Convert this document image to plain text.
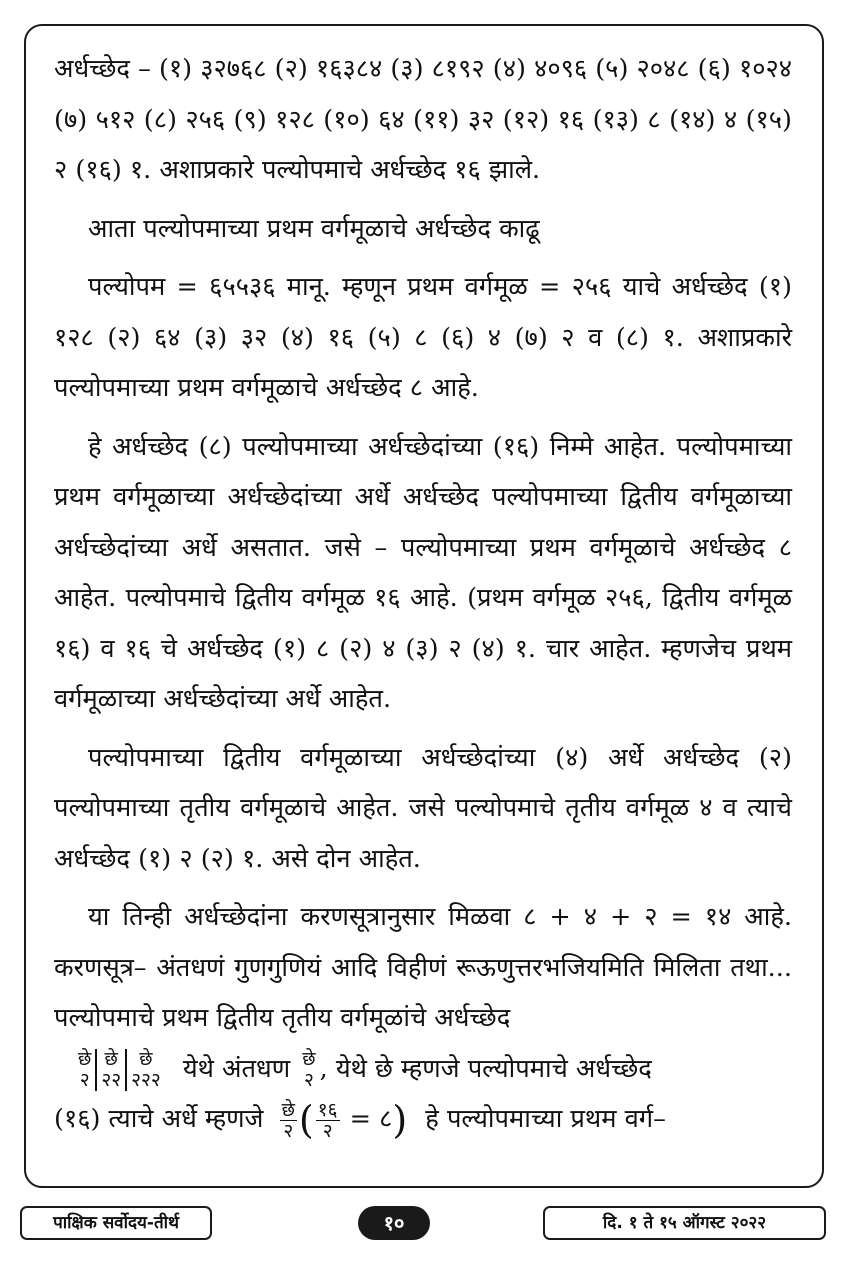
अर्धच्छेद – (१) ३२७६८ (२) १६३८४ (३) ८१९२ (४) ४०९६ (५) २०४८ (६) १०२४ (७) ५१२ (८) २५६ (९) १२८ (१०) ६४ (११) ३२ (१२) १६ (१३) ८ (१४) ४ (१५) २ (१६) १. अशाप्रकारे पल्योपमाचे अर्धच्छेद १६ झाले.

आता पल्योपमाच्या प्रथम वर्गमूळाचे अर्धच्छेद काढू

पल्योपम = ६५५३६ मानू. म्हणून प्रथम वर्गमूळ = २५६ याचे अर्धच्छेद (१) १२८ (२) ६४ (३) ३२ (४) १६ (५) ८ (६) ४ (७) २ व (८) १. अशाप्रकारे पल्योपमाच्या प्रथम वर्गमूळाचे अर्धच्छेद ८ आहे.

हे अर्धच्छेद (८) पल्योपमाच्या अर्धच्छेदांच्या (१६) निम्मे आहेत. पल्योपमाच्या प्रथम वर्गमूळाच्या अर्धच्छेदांच्या अर्धे अर्धच्छेद पल्योपमाच्या द्वितीय वर्गमूळाच्या अर्धच्छेदांच्या अर्धे असतात. जसे – पल्योपमाच्या प्रथम वर्गमूळाचे अर्धच्छेद ८ आहेत. पल्योपमाचे द्वितीय वर्गमूळ १६ आहे. (प्रथम वर्गमूळ २५६, द्वितीय वर्गमूळ १६) व १६ चे अर्धच्छेद (१) ८ (२) ४ (३) २ (४) १. चार आहेत. म्हणजेच प्रथम वर्गमूळाच्या अर्धच्छेदांच्या अर्धे आहेत.

पल्योपमाच्या द्वितीय वर्गमूळाच्या अर्धच्छेदांच्या (४) अर्धे अर्धच्छेद (२) पल्योपमाच्या तृतीय वर्गमूळाचे आहेत. जसे पल्योपमाचे तृतीय वर्गमूळ ४ व त्याचे अर्धच्छेद (१) २ (२) १. असे दोन आहेत.

या तिन्ही अर्धच्छेदांना करणसूत्रानुसार मिळवा ८ + ४ + २ = १४ आहे. करणसूत्र– अंतधणं गुणगुणियं आदि विहीणं रूऊणुत्तरभजियमिति मिलिता तथा... पल्योपमाचे प्रथम द्वितीय तृतीय वर्गमूळांचे अर्धच्छेद

छे
२
छे
२२
छे
२२२ येथे अंतधण छे
२ , येथे छे म्हणजे पल्योपमाचे अर्धच्छेद
(१६) त्याचे अर्धे म्हणजे $\frac{\text{छे}}{२}$ ( $\frac{१६}{२}$ = ८) हे पल्योपमाच्या प्रथम वर्ग–
पाक्षिक सर्वोदय-तीर्थ	१०	दि. १ ते १५ ऑगस्ट २०२२
